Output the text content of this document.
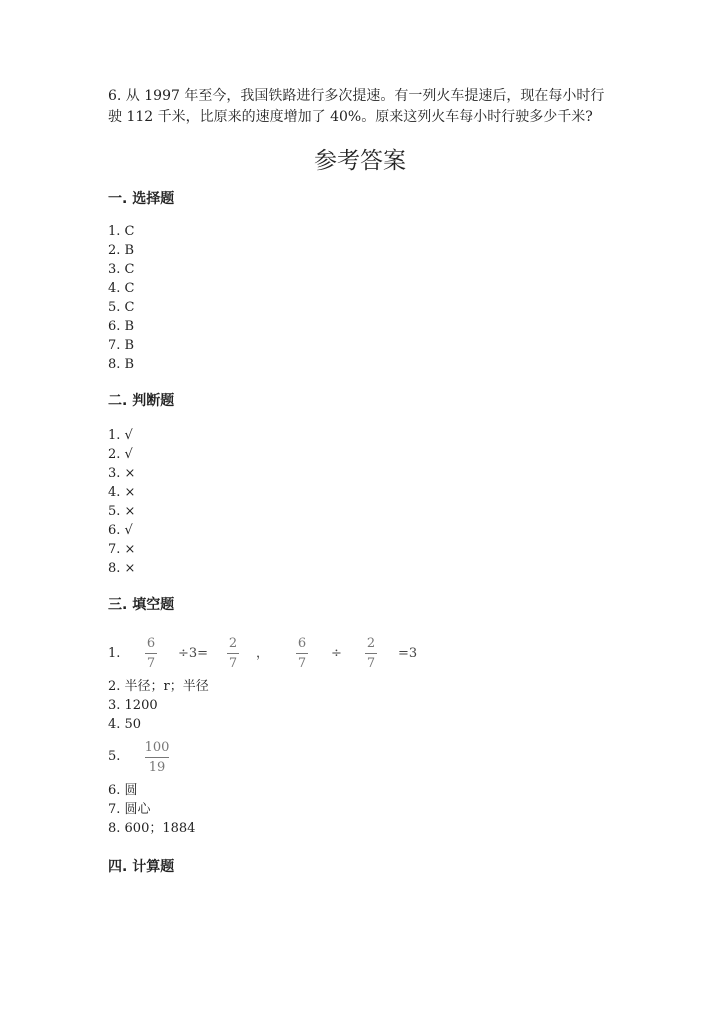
6. 从 1997 年至今，我国铁路进行多次提速。有一列火车提速后，现在每小时行
驶 112 千米，比原来的速度增加了 40%。原来这列火车每小时行驶多少千米?
参考答案
一. 选择题
1. C
2. B
3. C
4. C
5. C
6. B
7. B
8. B
二. 判断题
1. √
2. √
3. ×
4. ×
5. ×
6. √
7. ×
8. ×
三. 填空题
1.
6
7
÷3=
2
7
，
6
7
÷
2
7
=3
2. 半径；r；半径
3. 1200
4. 50
5.
100
19
6. 圆
7. 圆心
8. 600；1884
四. 计算题
